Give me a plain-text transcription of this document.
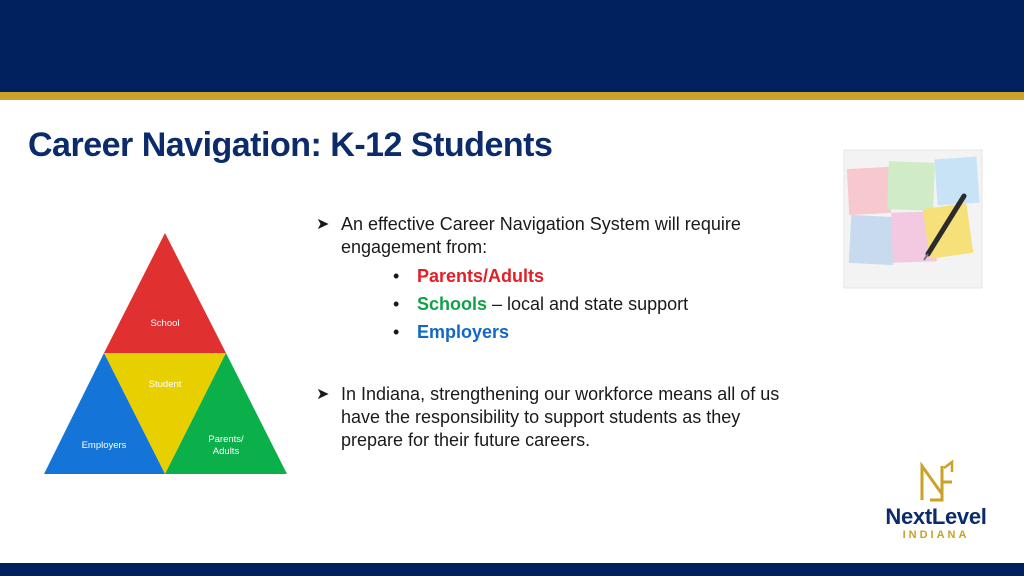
Career Navigation: K-12 Students
School
Student
Employers
Parents/
Adults
➤ An effective Career Navigation System will require engagement from:
• Parents/Adults
• Schools – local and state support
• Employers
➤ In Indiana, strengthening our workforce means all of us have the responsibility to support students as they prepare for their future careers.
NextLevel
INDIANA
